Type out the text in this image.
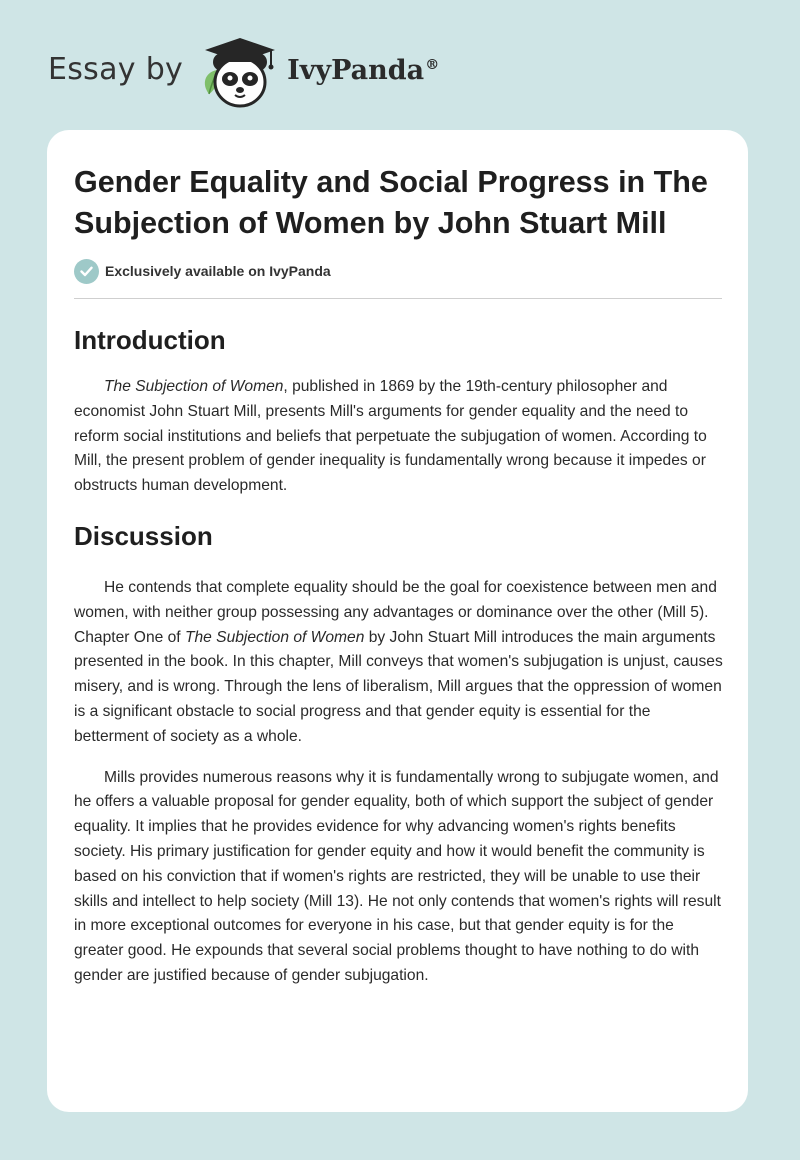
Essay by	IvyPanda®
Gender Equality and Social Progress in The Subjection of Women by John Stuart Mill
Exclusively available on IvyPanda
Introduction

The Subjection of Women, published in 1869 by the 19th-century philosopher and economist John Stuart Mill, presents Mill's arguments for gender equality and the need to reform social institutions and beliefs that perpetuate the subjugation of women. According to Mill, the present problem of gender inequality is fundamentally wrong because it impedes or obstructs human development.

Discussion

He contends that complete equality should be the goal for coexistence between men and women, with neither group possessing any advantages or dominance over the other (Mill 5). Chapter One of The Subjection of Women by John Stuart Mill introduces the main arguments presented in the book. In this chapter, Mill conveys that women's subjugation is unjust, causes misery, and is wrong. Through the lens of liberalism, Mill argues that the oppression of women is a significant obstacle to social progress and that gender equity is essential for the betterment of society as a whole.

Mills provides numerous reasons why it is fundamentally wrong to subjugate women, and he offers a valuable proposal for gender equality, both of which support the subject of gender equality. It implies that he provides evidence for why advancing women's rights benefits society. His primary justification for gender equity and how it would benefit the community is based on his conviction that if women's rights are restricted, they will be unable to use their skills and intellect to help society (Mill 13). He not only contends that women's rights will result in more exceptional outcomes for everyone in his case, but that gender equity is for the greater good. He expounds that several social problems thought to have nothing to do with gender are justified because of gender subjugation.
